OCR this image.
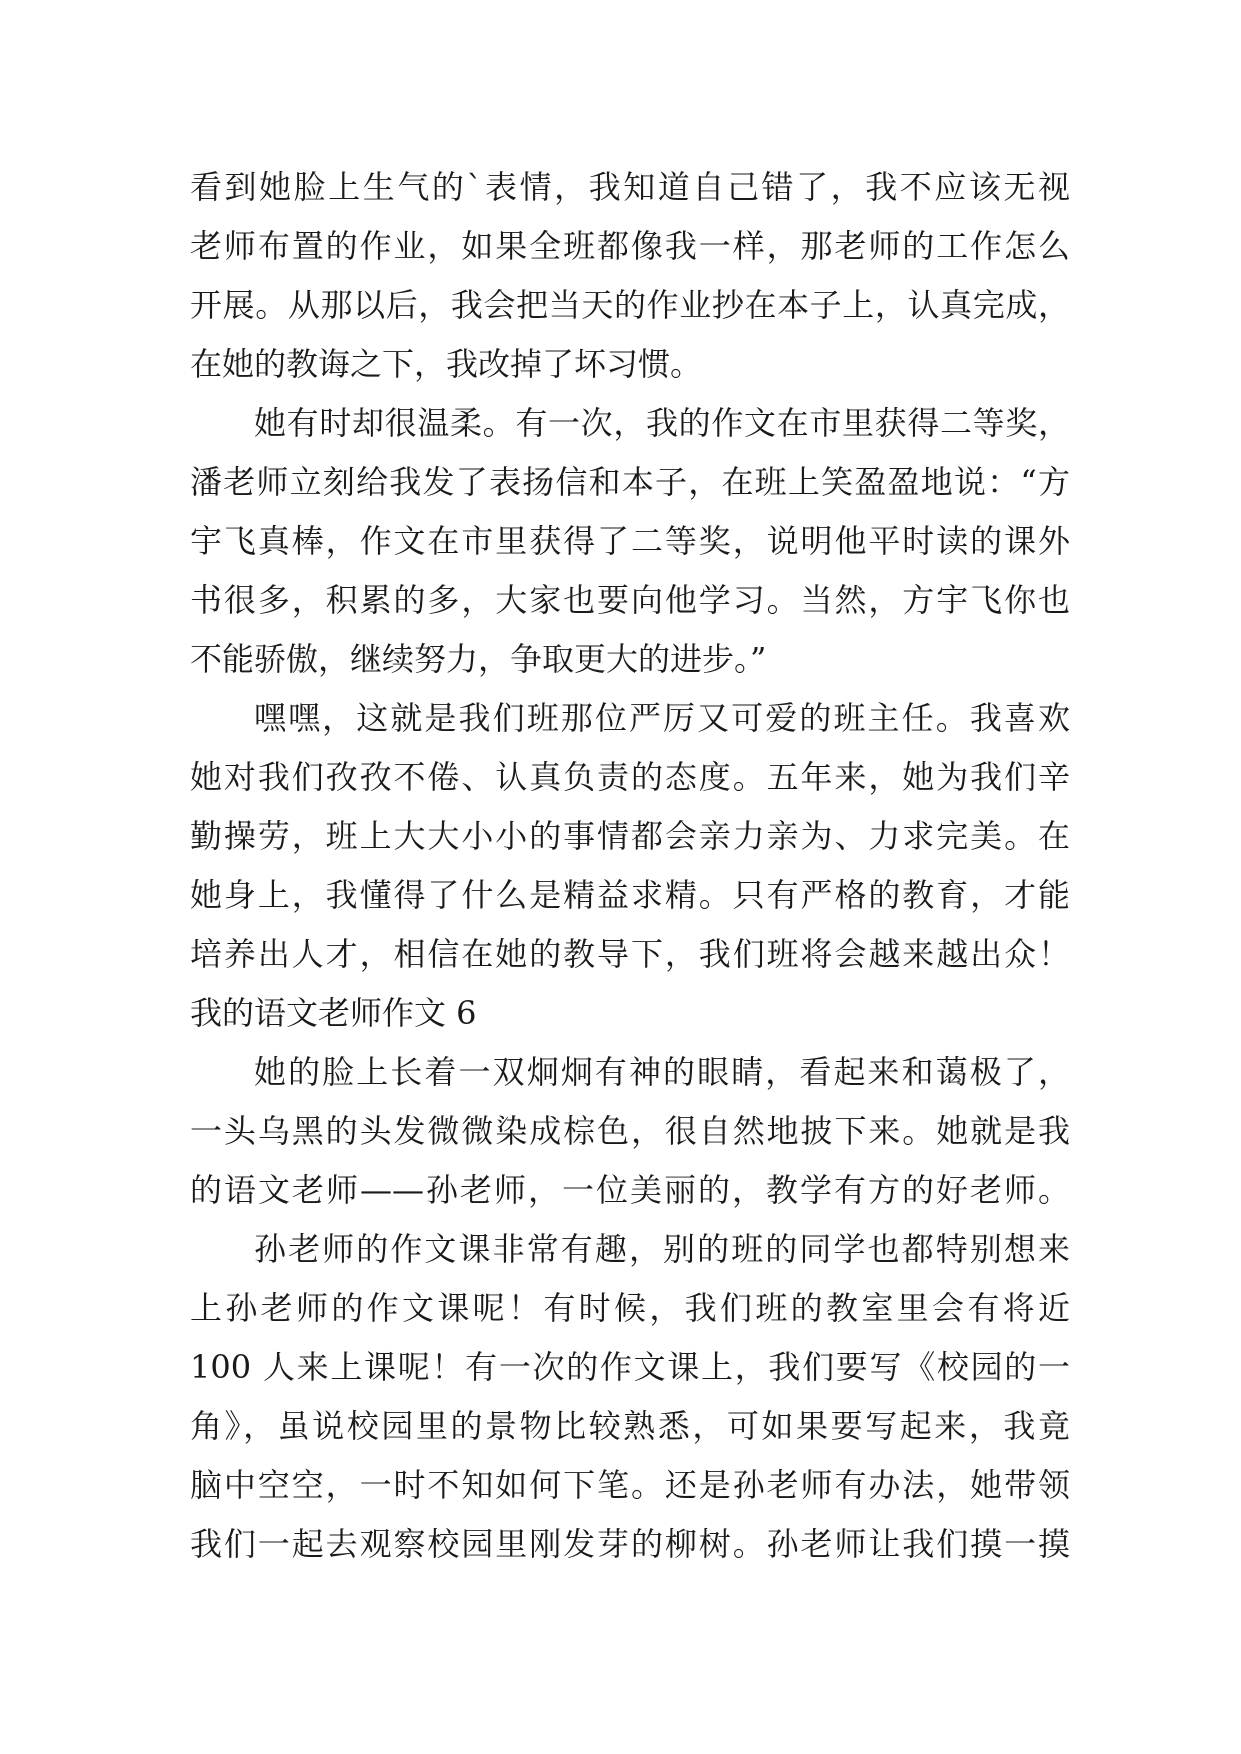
看到她脸上生气的`表情，我知道自己错了，我不应该无视
老师布置的作业，如果全班都像我一样，那老师的工作怎么
开展。从那以后，我会把当天的作业抄在本子上，认真完成，
在她的教诲之下，我改掉了坏习惯。
她有时却很温柔。有一次，我的作文在市里获得二等奖，
潘老师立刻给我发了表扬信和本子，在班上笑盈盈地说：“方
宇飞真棒，作文在市里获得了二等奖，说明他平时读的课外
书很多，积累的多，大家也要向他学习。当然，方宇飞你也
不能骄傲，继续努力，争取更大的进步。”
嘿嘿，这就是我们班那位严厉又可爱的班主任。我喜欢
她对我们孜孜不倦、认真负责的态度。五年来，她为我们辛
勤操劳，班上大大小小的事情都会亲力亲为、力求完美。在
她身上，我懂得了什么是精益求精。只有严格的教育，才能
培养出人才，相信在她的教导下，我们班将会越来越出众！
我的语文老师作文 6
她的脸上长着一双炯炯有神的眼睛，看起来和蔼极了，
一头乌黑的头发微微染成棕色，很自然地披下来。她就是我
的语文老师——孙老师，一位美丽的，教学有方的好老师。
孙老师的作文课非常有趣，别的班的同学也都特别想来
上孙老师的作文课呢！有时候，我们班的教室里会有将近
100 人来上课呢！有一次的作文课上，我们要写《校园的一
角》，虽说校园里的景物比较熟悉，可如果要写起来，我竟
脑中空空，一时不知如何下笔。还是孙老师有办法，她带领
我们一起去观察校园里刚发芽的柳树。孙老师让我们摸一摸
